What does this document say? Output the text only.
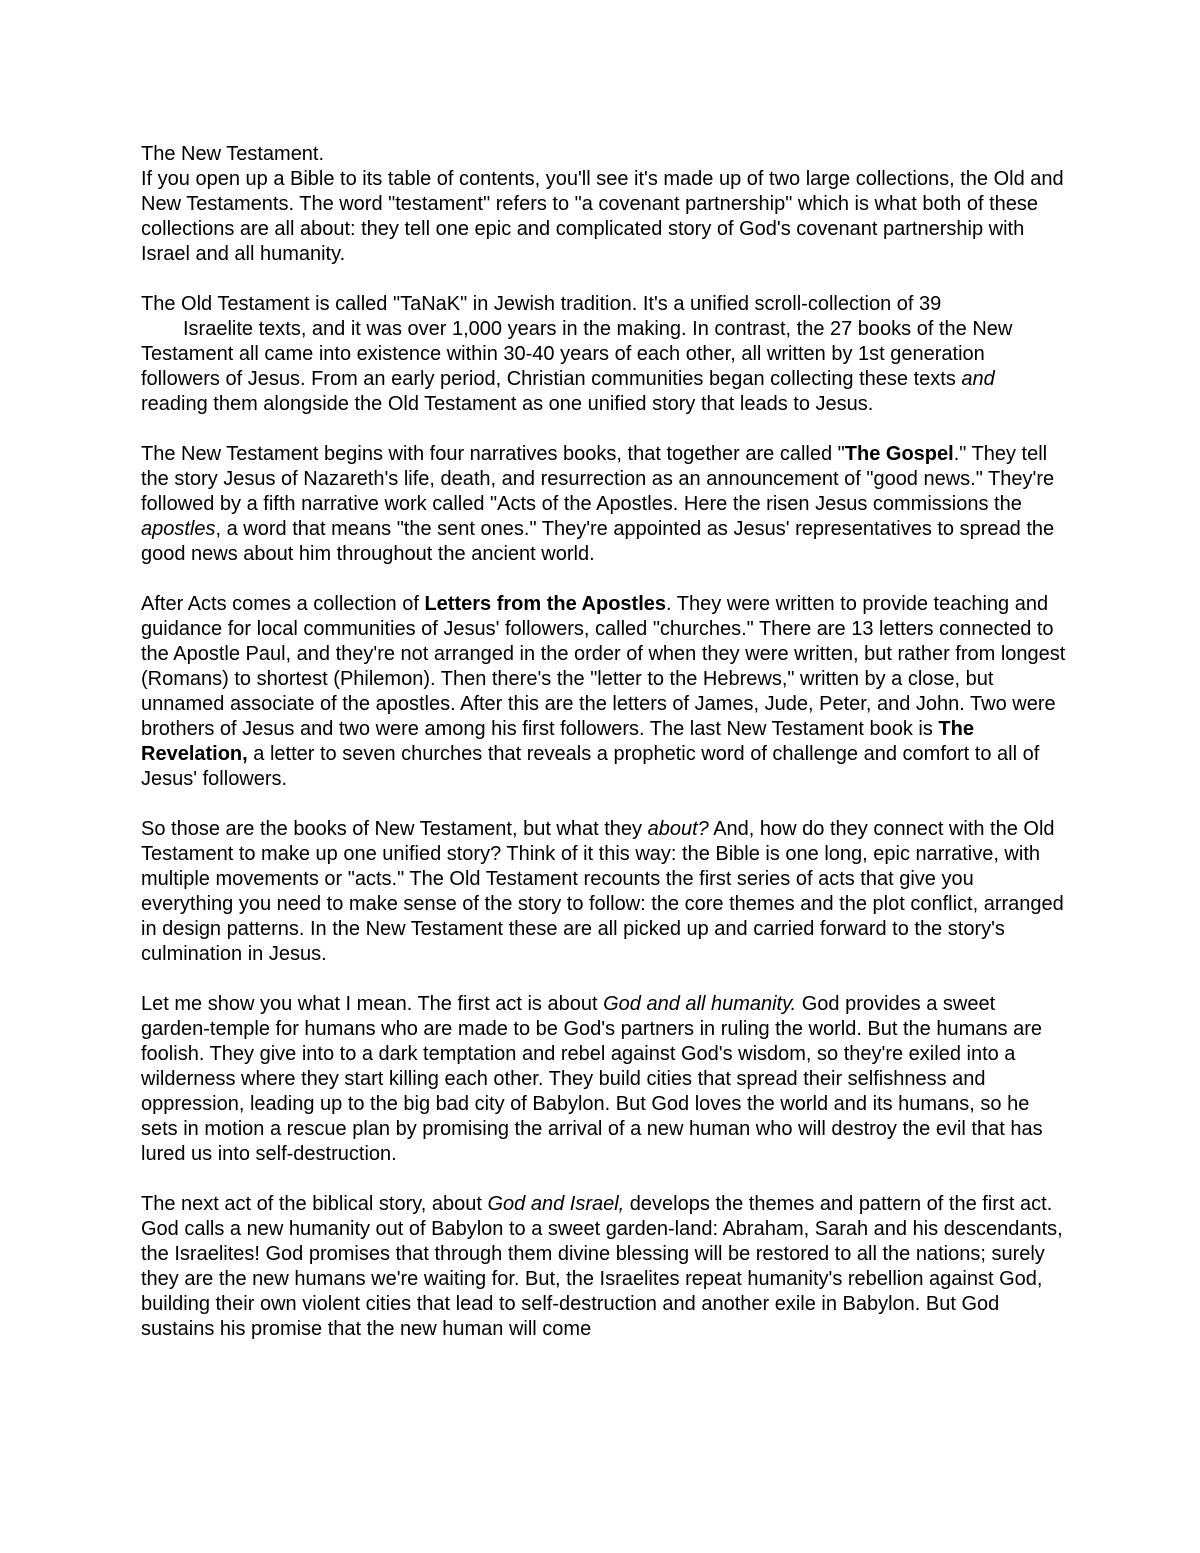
The New Testament.

If you open up a Bible to its table of contents, you'll see it's made up of two large collections, the Old and New Testaments. The word "testament" refers to "a covenant partnership" which is what both of these collections are all about: they tell one epic and complicated story of God's covenant partnership with Israel and all humanity.

The Old Testament is called "TaNaK" in Jewish tradition. It's a unified scroll-collection of 39
Israelite texts, and it was over 1,000 years in the making. In contrast, the 27 books of the New Testament all came into existence within 30-40 years of each other, all written by 1st generation followers of Jesus. From an early period, Christian communities began collecting these texts and reading them alongside the Old Testament as one unified story that leads to Jesus.

The New Testament begins with four narratives books, that together are called "The Gospel." They tell the story Jesus of Nazareth's life, death, and resurrection as an announcement of "good news." They're followed by a fifth narrative work called "Acts of the Apostles. Here the risen Jesus commissions the apostles, a word that means "the sent ones." They're appointed as Jesus' representatives to spread the good news about him throughout the ancient world.

After Acts comes a collection of Letters from the Apostles. They were written to provide teaching and guidance for local communities of Jesus' followers, called "churches." There are 13 letters connected to the Apostle Paul, and they're not arranged in the order of when they were written, but rather from longest (Romans) to shortest (Philemon). Then there's the "letter to the Hebrews," written by a close, but unnamed associate of the apostles. After this are the letters of James, Jude, Peter, and John. Two were brothers of Jesus and two were among his first followers. The last New Testament book is The Revelation, a letter to seven churches that reveals a prophetic word of challenge and comfort to all of Jesus' followers.

So those are the books of New Testament, but what they about? And, how do they connect with the Old Testament to make up one unified story? Think of it this way: the Bible is one long, epic narrative, with multiple movements or "acts." The Old Testament recounts the first series of acts that give you everything you need to make sense of the story to follow: the core themes and the plot conflict, arranged in design patterns. In the New Testament these are all picked up and carried forward to the story's culmination in Jesus.

Let me show you what I mean. The first act is about God and all humanity. God provides a sweet garden-temple for humans who are made to be God's partners in ruling the world. But the humans are foolish. They give into to a dark temptation and rebel against God's wisdom, so they're exiled into a wilderness where they start killing each other. They build cities that spread their selfishness and oppression, leading up to the big bad city of Babylon. But God loves the world and its humans, so he sets in motion a rescue plan by promising the arrival of a new human who will destroy the evil that has lured us into self-destruction.

The next act of the biblical story, about God and Israel, develops the themes and pattern of the first act. God calls a new humanity out of Babylon to a sweet garden-land: Abraham, Sarah and his descendants, the Israelites! God promises that through them divine blessing will be restored to all the nations; surely they are the new humans we're waiting for. But, the Israelites repeat humanity's rebellion against God, building their own violent cities that lead to self-destruction and another exile in Babylon. But God sustains his promise that the new human will come
